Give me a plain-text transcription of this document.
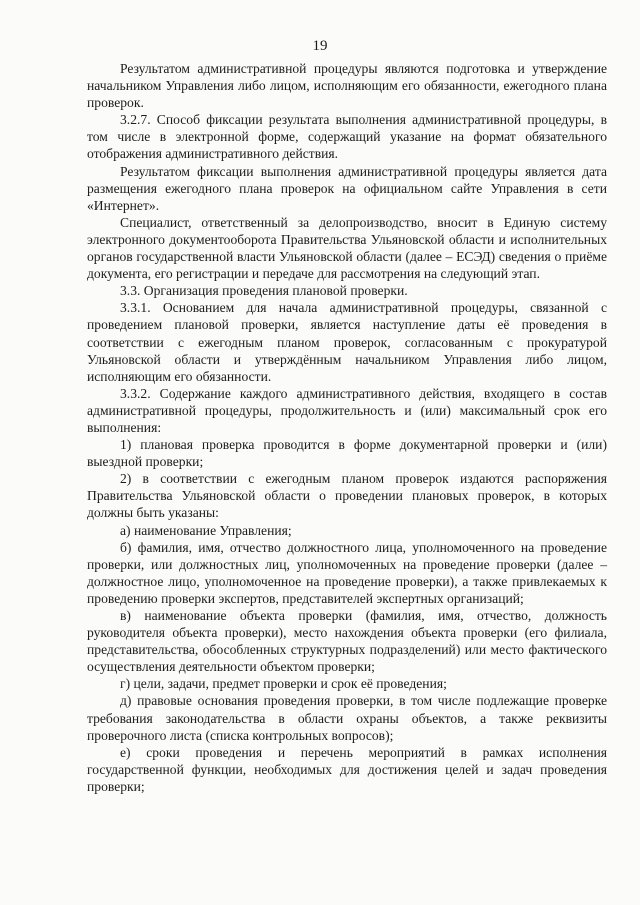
19

Результатом административной процедуры являются подготовка и утверждение начальником Управления либо лицом, исполняющим его обязанности, ежегодного плана проверок.

3.2.7. Способ фиксации результата выполнения административной процедуры, в том числе в электронной форме, содержащий указание на формат обязательного отображения административного действия.

Результатом фиксации выполнения административной процедуры является дата размещения ежегодного плана проверок на официальном сайте Управления в сети «Интернет».

Специалист, ответственный за делопроизводство, вносит в Единую систему электронного документооборота Правительства Ульяновской области и исполнительных органов государственной власти Ульяновской области (далее – ЕСЭД) сведения о приёме документа, его регистрации и передаче для рассмотрения на следующий этап.

3.3. Организация проведения плановой проверки.

3.3.1. Основанием для начала административной процедуры, связанной с проведением плановой проверки, является наступление даты её проведения в соответствии с ежегодным планом проверок, согласованным с прокуратурой Ульяновской области и утверждённым начальником Управления либо лицом, исполняющим его обязанности.

3.3.2. Содержание каждого административного действия, входящего в состав административной процедуры, продолжительность и (или) максимальный срок его выполнения:

1) плановая проверка проводится в форме документарной проверки и (или) выездной проверки;

2) в соответствии с ежегодным планом проверок издаются распоряжения Правительства Ульяновской области о проведении плановых проверок, в которых должны быть указаны:

а) наименование Управления;

б) фамилия, имя, отчество должностного лица, уполномоченного на проведение проверки, или должностных лиц, уполномоченных на проведение проверки (далее – должностное лицо, уполномоченное на проведение проверки), а также привлекаемых к проведению проверки экспертов, представителей экспертных организаций;

в) наименование объекта проверки (фамилия, имя, отчество, должность руководителя объекта проверки), место нахождения объекта проверки (его филиала, представительства, обособленных структурных подразделений) или место фактического осуществления деятельности объектом проверки;

г) цели, задачи, предмет проверки и срок её проведения;

д) правовые основания проведения проверки, в том числе подлежащие проверке требования законодательства в области охраны объектов, а также реквизиты проверочного листа (списка контрольных вопросов);

е) сроки проведения и перечень мероприятий в рамках исполнения государственной функции, необходимых для достижения целей и задач проведения проверки;
